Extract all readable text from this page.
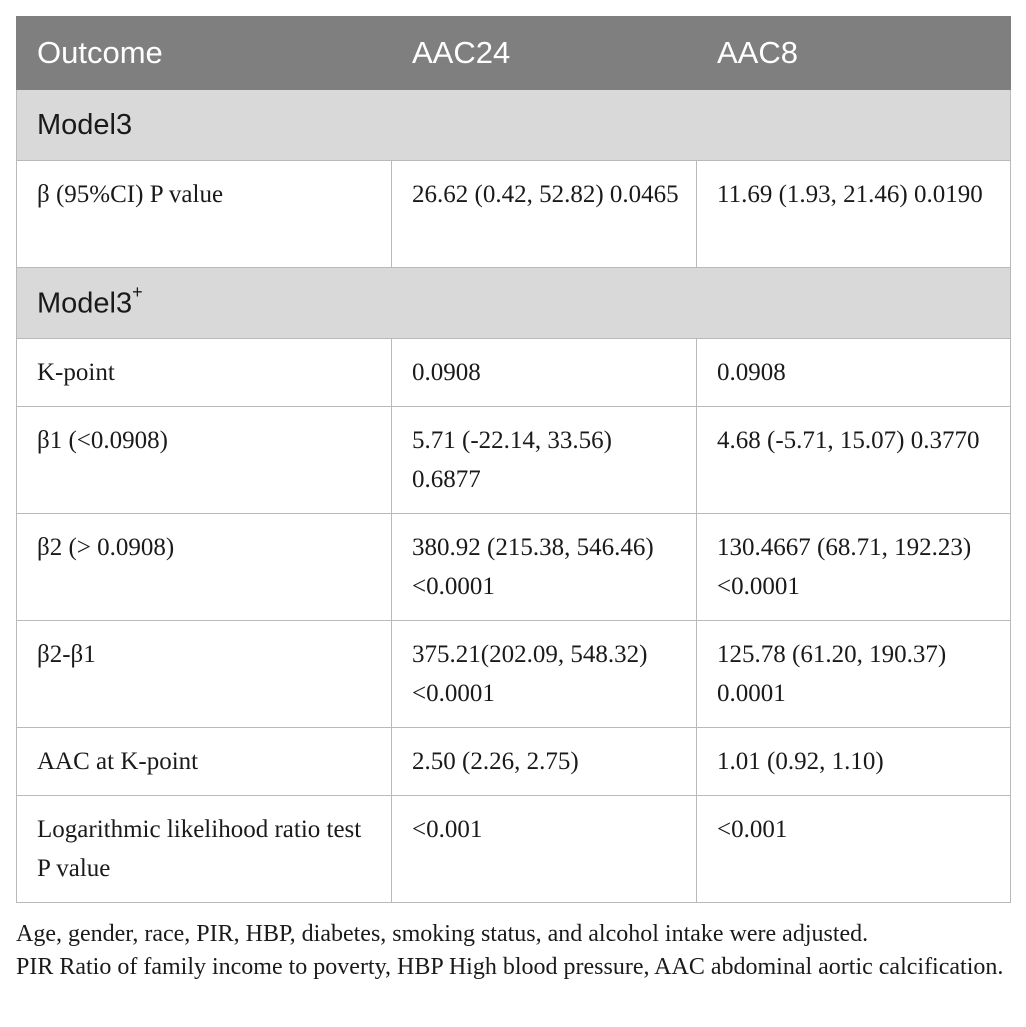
Outcome	AAC24	AAC8
Model3		
β (95%CI) P value	26.62 (0.42, 52.82) 0.0465	11.69 (1.93, 21.46) 0.0190
Model3+
K-point	0.0908	0.0908
β1 (<0.0908)	5.71 (-22.14, 33.56) 0.6877	4.68 (-5.71, 15.07) 0.3770
β2 (> 0.0908)	380.92 (215.38, 546.46) <0.0001	130.4667 (68.71, 192.23) <0.0001
β2-β1	375.21(202.09, 548.32) <0.0001	125.78 (61.20, 190.37) 0.0001
AAC at K-point	2.50 (2.26, 2.75)	1.01 (0.92, 1.10)
Logarithmic likelihood ratio test P value	<0.001	<0.001

Age, gender, race, PIR, HBP, diabetes, smoking status, and alcohol intake were adjusted.

PIR Ratio of family income to poverty, HBP High blood pressure, AAC abdominal aortic calcification.
